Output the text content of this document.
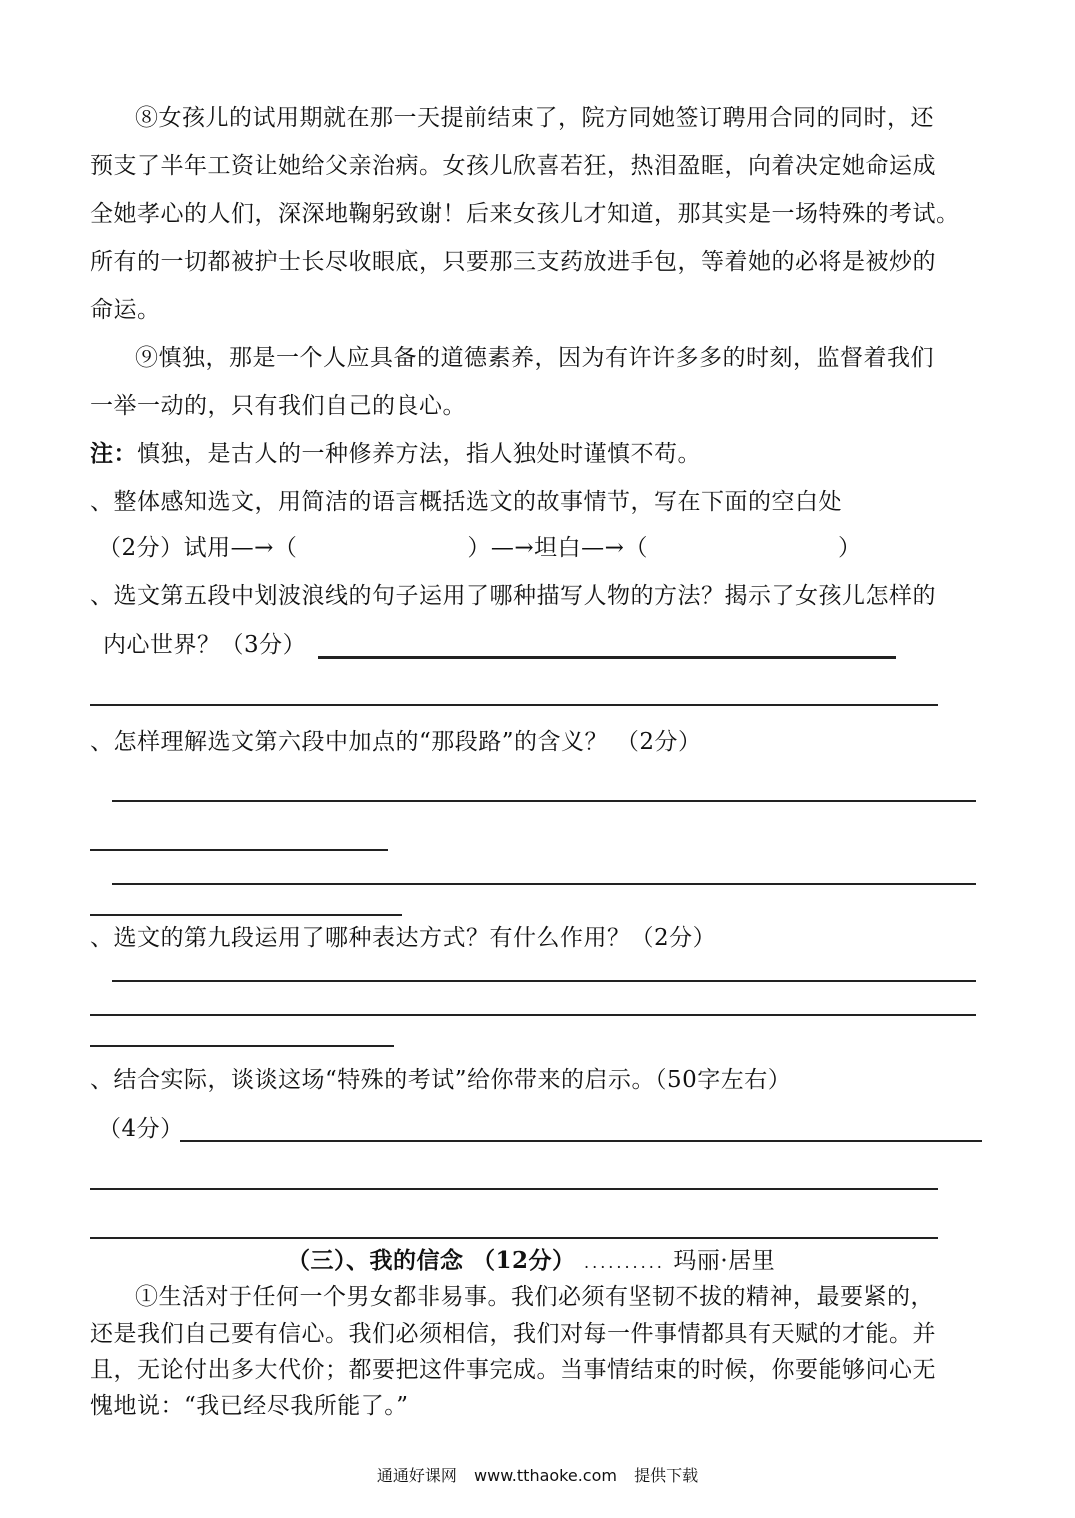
⑧女孩儿的试用期就在那一天提前结束了，院方同她签订聘用合同的同时，还
预支了半年工资让她给父亲治病。女孩儿欣喜若狂，热泪盈眶，向着决定她命运成
全她孝心的人们，深深地鞠躬致谢！后来女孩儿才知道，那其实是一场特殊的考试。
所有的一切都被护士长尽收眼底，只要那三支药放进手包，等着她的必将是被炒的
命运。
⑨慎独，那是一个人应具备的道德素养，因为有许许多多的时刻，监督着我们
一举一动的，只有我们自己的良心。
注：慎独，是古人的一种修养方法，指人独处时谨慎不苟。
、整体感知选文，用简洁的语言概括选文的故事情节，写在下面的空白处
（2分）试用—→（	）—→坦白—→（	）
、选文第五段中划波浪线的句子运用了哪种描写人物的方法？揭示了女孩儿怎样的
内心世界？（3分）
、怎样理解选文第六段中加点的“那段路”的含义？ （2分）
、选文的第九段运用了哪种表达方式？有什么作用？（2分）
、结合实际，谈谈这场“特殊的考试”给你带来的启示。（50字左右）
（4分）
（三）、我的信念 （12分） .......... 玛丽·居里
①生活对于任何一个男女都非易事。我们必须有坚韧不拔的精神，最要紧的，
还是我们自己要有信心。我们必须相信，我们对每一件事情都具有天赋的才能。并
且，无论付出多大代价；都要把这件事完成。当事情结束的时候，你要能够问心无
愧地说：“我已经尽我所能了。”
通通好课网 www.tthaoke.com 提供下载
